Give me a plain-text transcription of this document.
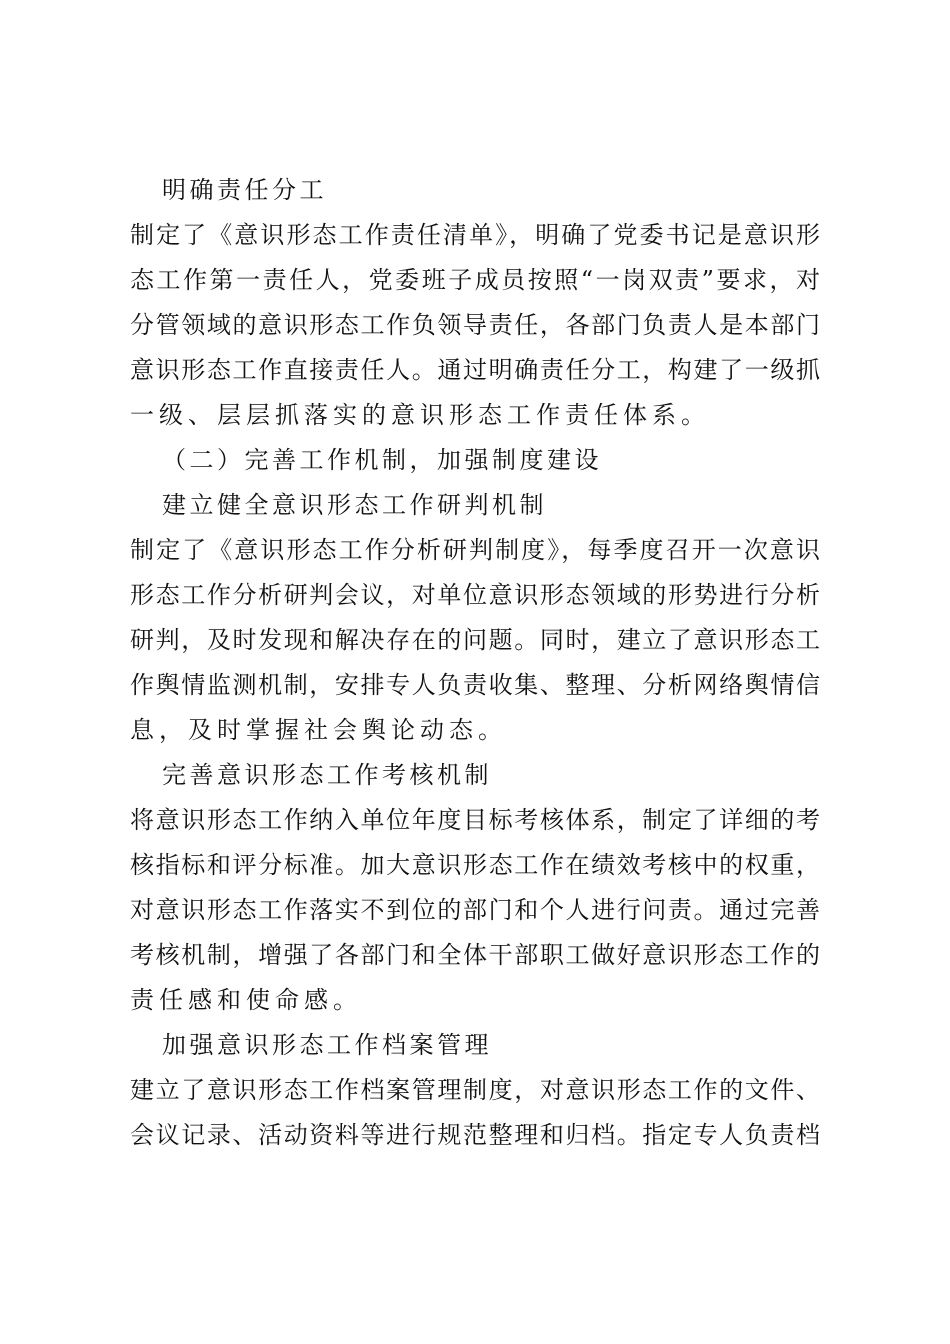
明确责任分工
制定了《意识形态工作责任清单》，明确了党委书记是意识形
态工作第一责任人，党委班子成员按照“一岗双责”要求，对
分管领域的意识形态工作负领导责任，各部门负责人是本部门
意识形态工作直接责任人。通过明确责任分工，构建了一级抓
一级、层层抓落实的意识形态工作责任体系。
（二）完善工作机制，加强制度建设
建立健全意识形态工作研判机制
制定了《意识形态工作分析研判制度》，每季度召开一次意识
形态工作分析研判会议，对单位意识形态领域的形势进行分析
研判，及时发现和解决存在的问题。同时，建立了意识形态工
作舆情监测机制，安排专人负责收集、整理、分析网络舆情信
息，及时掌握社会舆论动态。
完善意识形态工作考核机制
将意识形态工作纳入单位年度目标考核体系，制定了详细的考
核指标和评分标准。加大意识形态工作在绩效考核中的权重，
对意识形态工作落实不到位的部门和个人进行问责。通过完善
考核机制，增强了各部门和全体干部职工做好意识形态工作的
责任感和使命感。
加强意识形态工作档案管理
建立了意识形态工作档案管理制度，对意识形态工作的文件、
会议记录、活动资料等进行规范整理和归档。指定专人负责档
